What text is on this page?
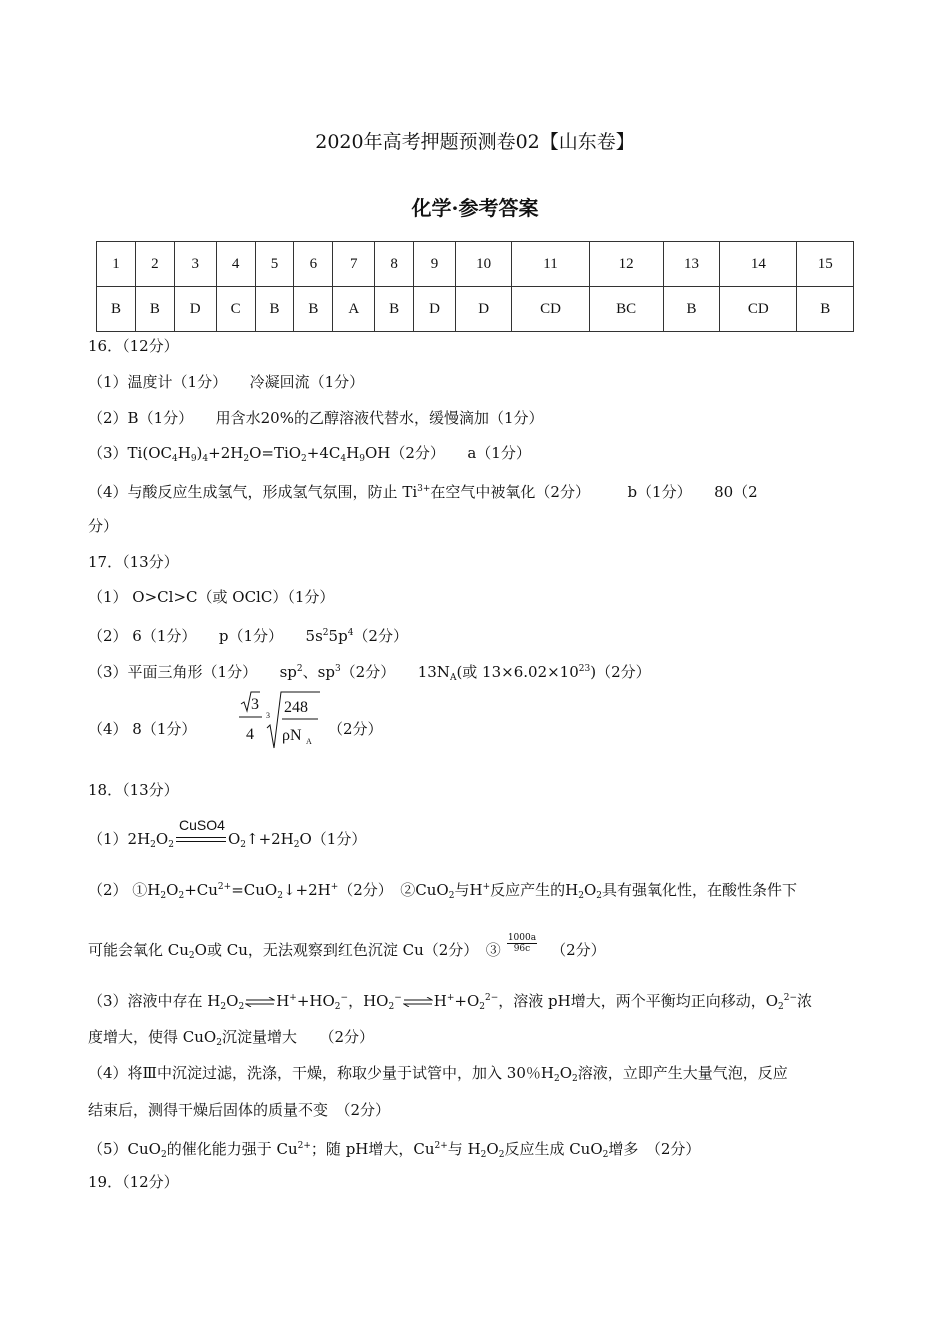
2020年高考押题预测卷02【山东卷】
化学·参考答案
1	2	3	4	5	6	7	8	9	10	11	12	13	14	15
B	B	D	C	B	B	A	B	D	D	CD	BC	B	CD	B
16．（12分）
（1）温度计（1分）　　冷凝回流（1分）
（2）B（1分）　　用含水20%的乙醇溶液代替水，缓慢滴加（1分）
$(3)Ti(OC_4H_9)_4+2H_2O=TiO_2+4C_4H_9OH(2$分）　　a（1分）
（4）与酸反应生成氢气，形成氢气氛围，防止 $Ti^{3+}$在空气中被氧化（2分）　　　b（1分）　　80（2
分）
17．（13分）
（1） O>Cl>C（或 OClC）（1分）
（2） 6（1分）　　p（1分）　　$5s^25p^4(2$分）
（3）平面三角形（1分）　　$sp^2$、$sp^3(2$分）　　$13N_A$(或 $13\times 6.02\times 10^{23})(2$分）
（4） 8（1分）
3
4
3 248
ρN A
（2分）
18．（13分）
$(1)2H_2O_2$
CuSO4
$O_2↑+2H_2O(1$分）
（2） $①H_2O_2+Cu^{2+}=CuO_2↓+2H^+(2$分）　②CuO$_2$与H+反应产生的$H_2O_2$具有强氧化性，在酸性条件下
可能会氧化 $Cu_2O$或 Cu，无法观察到红色沉淀 Cu（2分）　③ $\frac{1000a}{96c} (2$分）
（3）溶液中存在 $H_2O_2\rightleftharpoons H^++HO_2^-$，$HO_2^-\rightleftharpoons H^++O_2^{2-}$，溶液 pH增大，两个平衡均正向移动，$O_2^{2-}$浓
度增大，使得 CuO$_2$沉淀量增大　　（2分）
（4）将Ⅲ中沉淀过滤，洗涤，干燥，称取少量于试管中，加入 30％$H_2O_2$溶液，立即产生大量气泡，反应
结束后，测得干燥后固体的质量不变　（2分）
（5）CuO$_2$的催化能力强于 $Cu^{2+}$；随 pH增大，$Cu^{2+}$与 $H_2O_2$反应生成 CuO$_2$增多　（2分）
19．（12分）
